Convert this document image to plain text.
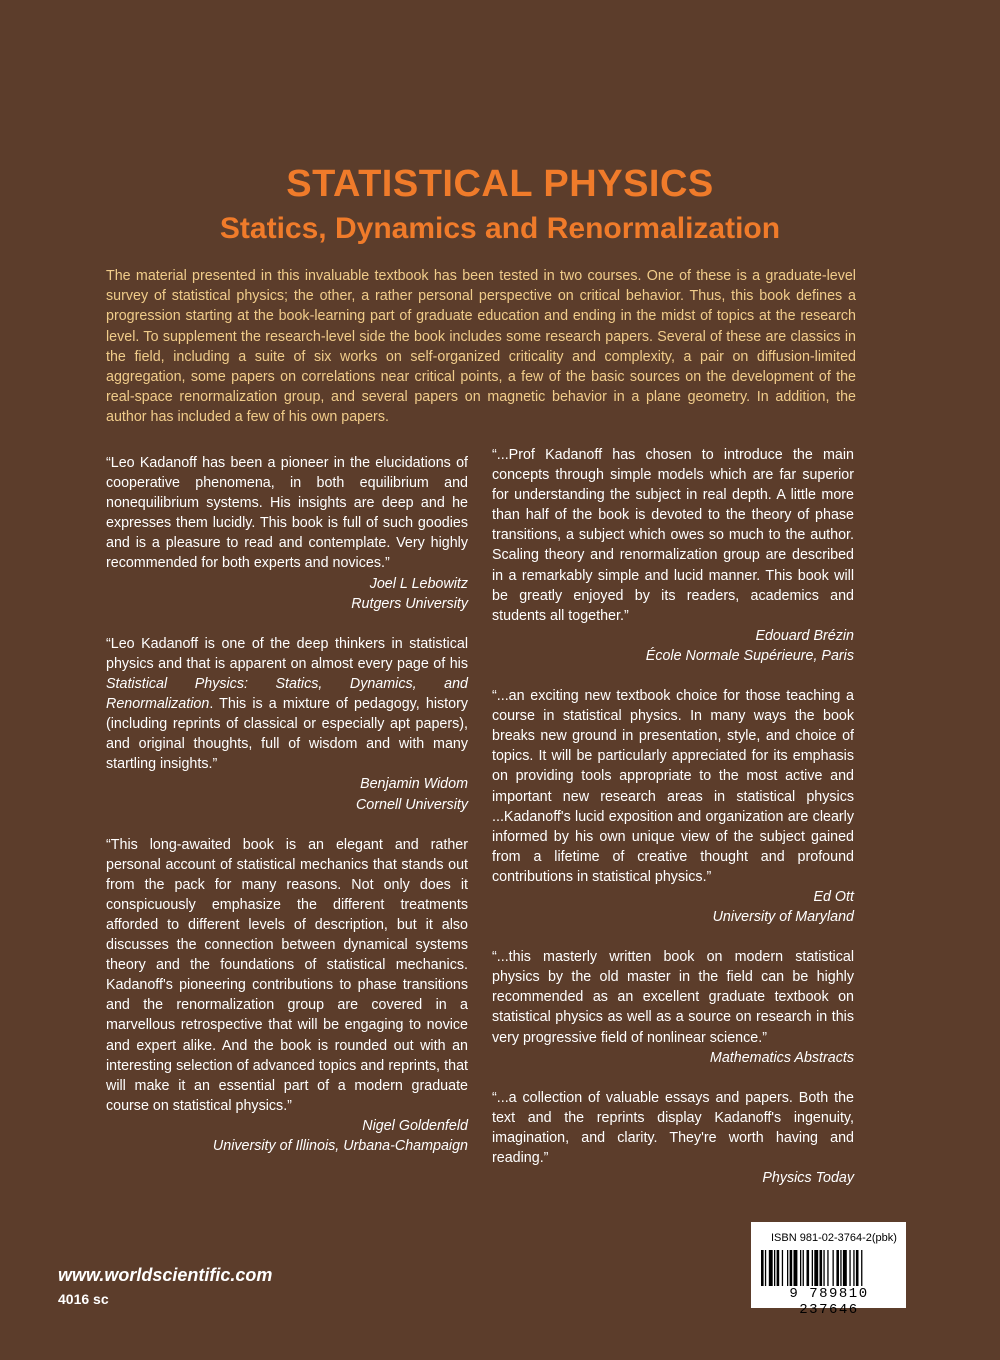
STATISTICAL PHYSICS
Statics, Dynamics and Renormalization
The material presented in this invaluable textbook has been tested in two courses. One of these is a graduate-level survey of statistical physics; the other, a rather personal perspective on critical behavior. Thus, this book defines a progression starting at the book-learning part of graduate education and ending in the midst of topics at the research level. To supplement the research-level side the book includes some research papers. Several of these are classics in the field, including a suite of six works on self-organized criticality and complexity, a pair on diffusion-limited aggregation, some papers on correlations near critical points, a few of the basic sources on the development of the real-space renormalization group, and several papers on magnetic behavior in a plane geometry. In addition, the author has included a few of his own papers.
“Leo Kadanoff has been a pioneer in the elucidations of cooperative phenomena, in both equilibrium and nonequilibrium systems. His insights are deep and he expresses them lucidly. This book is full of such goodies and is a pleasure to read and contemplate. Very highly recommended for both experts and novices.”
Joel L Lebowitz
Rutgers University
“Leo Kadanoff is one of the deep thinkers in statistical physics and that is apparent on almost every page of his Statistical Physics: Statics, Dynamics, and Renormalization. This is a mixture of pedagogy, history (including reprints of classical or especially apt papers), and original thoughts, full of wisdom and with many startling insights.”
Benjamin Widom
Cornell University
“This long-awaited book is an elegant and rather personal account of statistical mechanics that stands out from the pack for many reasons. Not only does it conspicuously emphasize the different treatments afforded to different levels of description, but it also discusses the connection between dynamical systems theory and the foundations of statistical mechanics. Kadanoff's pioneering contributions to phase transitions and the renormalization group are covered in a marvellous retrospective that will be engaging to novice and expert alike. And the book is rounded out with an interesting selection of advanced topics and reprints, that will make it an essential part of a modern graduate course on statistical physics.”
Nigel Goldenfeld
University of Illinois, Urbana-Champaign
“...Prof Kadanoff has chosen to introduce the main concepts through simple models which are far superior for understanding the subject in real depth. A little more than half of the book is devoted to the theory of phase transitions, a subject which owes so much to the author. Scaling theory and renormalization group are described in a remarkably simple and lucid manner. This book will be greatly enjoyed by its readers, academics and students all together.”
Edouard Brézin
École Normale Supérieure, Paris
“...an exciting new textbook choice for those teaching a course in statistical physics. In many ways the book breaks new ground in presentation, style, and choice of topics. It will be particularly appreciated for its emphasis on providing tools appropriate to the most active and important new research areas in statistical physics ...Kadanoff's lucid exposition and organization are clearly informed by his own unique view of the subject gained from a lifetime of creative thought and profound contributions in statistical physics.”
Ed Ott
University of Maryland
“...this masterly written book on modern statistical physics by the old master in the field can be highly recommended as an excellent graduate textbook on statistical physics as well as a source on research in this very progressive field of nonlinear science.”
Mathematics Abstracts
“...a collection of valuable essays and papers. Both the text and the reprints display Kadanoff's ingenuity, imagination, and clarity. They're worth having and reading.”
Physics Today
www.worldscientific.com
4016 sc
ISBN 981-02-3764-2(pbk)
9 789810 237646
